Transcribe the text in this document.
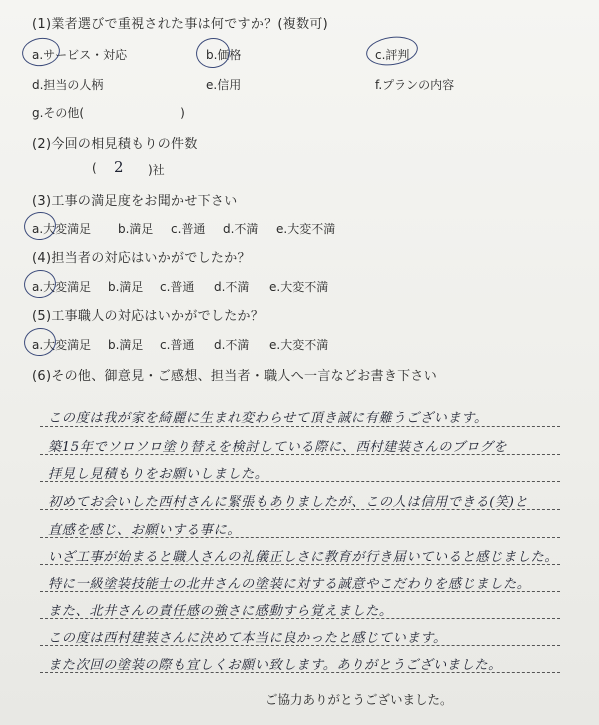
(1)業者選びで重視された事は何ですか？(複数可)
a.サービス・対応	b.価格	c.評判
d.担当の人柄	e.信用	f.プランの内容
g.その他(　　　　　　　　)
(2)今回の相見積もりの件数
( 2 )社
(3)工事の満足度をお聞かせ下さい
a.大変満足 b.満足 c.普通 d.不満 e.大変不満
(4)担当者の対応はいかがでしたか？
a.大変満足 b.満足 c.普通 d.不満 e.大変不満
(5)工事職人の対応はいかがでしたか？
a.大変満足 b.満足 c.普通 d.不満 e.大変不満
(6)その他、御意見・ご感想、担当者・職人へ一言などお書き下さい
この度は我が家を綺麗に生まれ変わらせて頂き誠に有難うございます。
築15年でソロソロ塗り替えを検討している際に、西村建装さんのブログを
拝見し見積もりをお願いしました。
初めてお会いした西村さんに緊張もありましたが、この人は信用できる(笑)と
直感を感じ、お願いする事に。
いざ工事が始まると職人さんの礼儀正しさに教育が行き届いていると感じました。
特に一級塗装技能士の北井さんの塗装に対する誠意やこだわりを感じました。
また、北井さんの責任感の強さに感動すら覚えました。
この度は西村建装さんに決めて本当に良かったと感じています。
また次回の塗装の際も宜しくお願い致します。ありがとうございました。
ご協力ありがとうございました。
